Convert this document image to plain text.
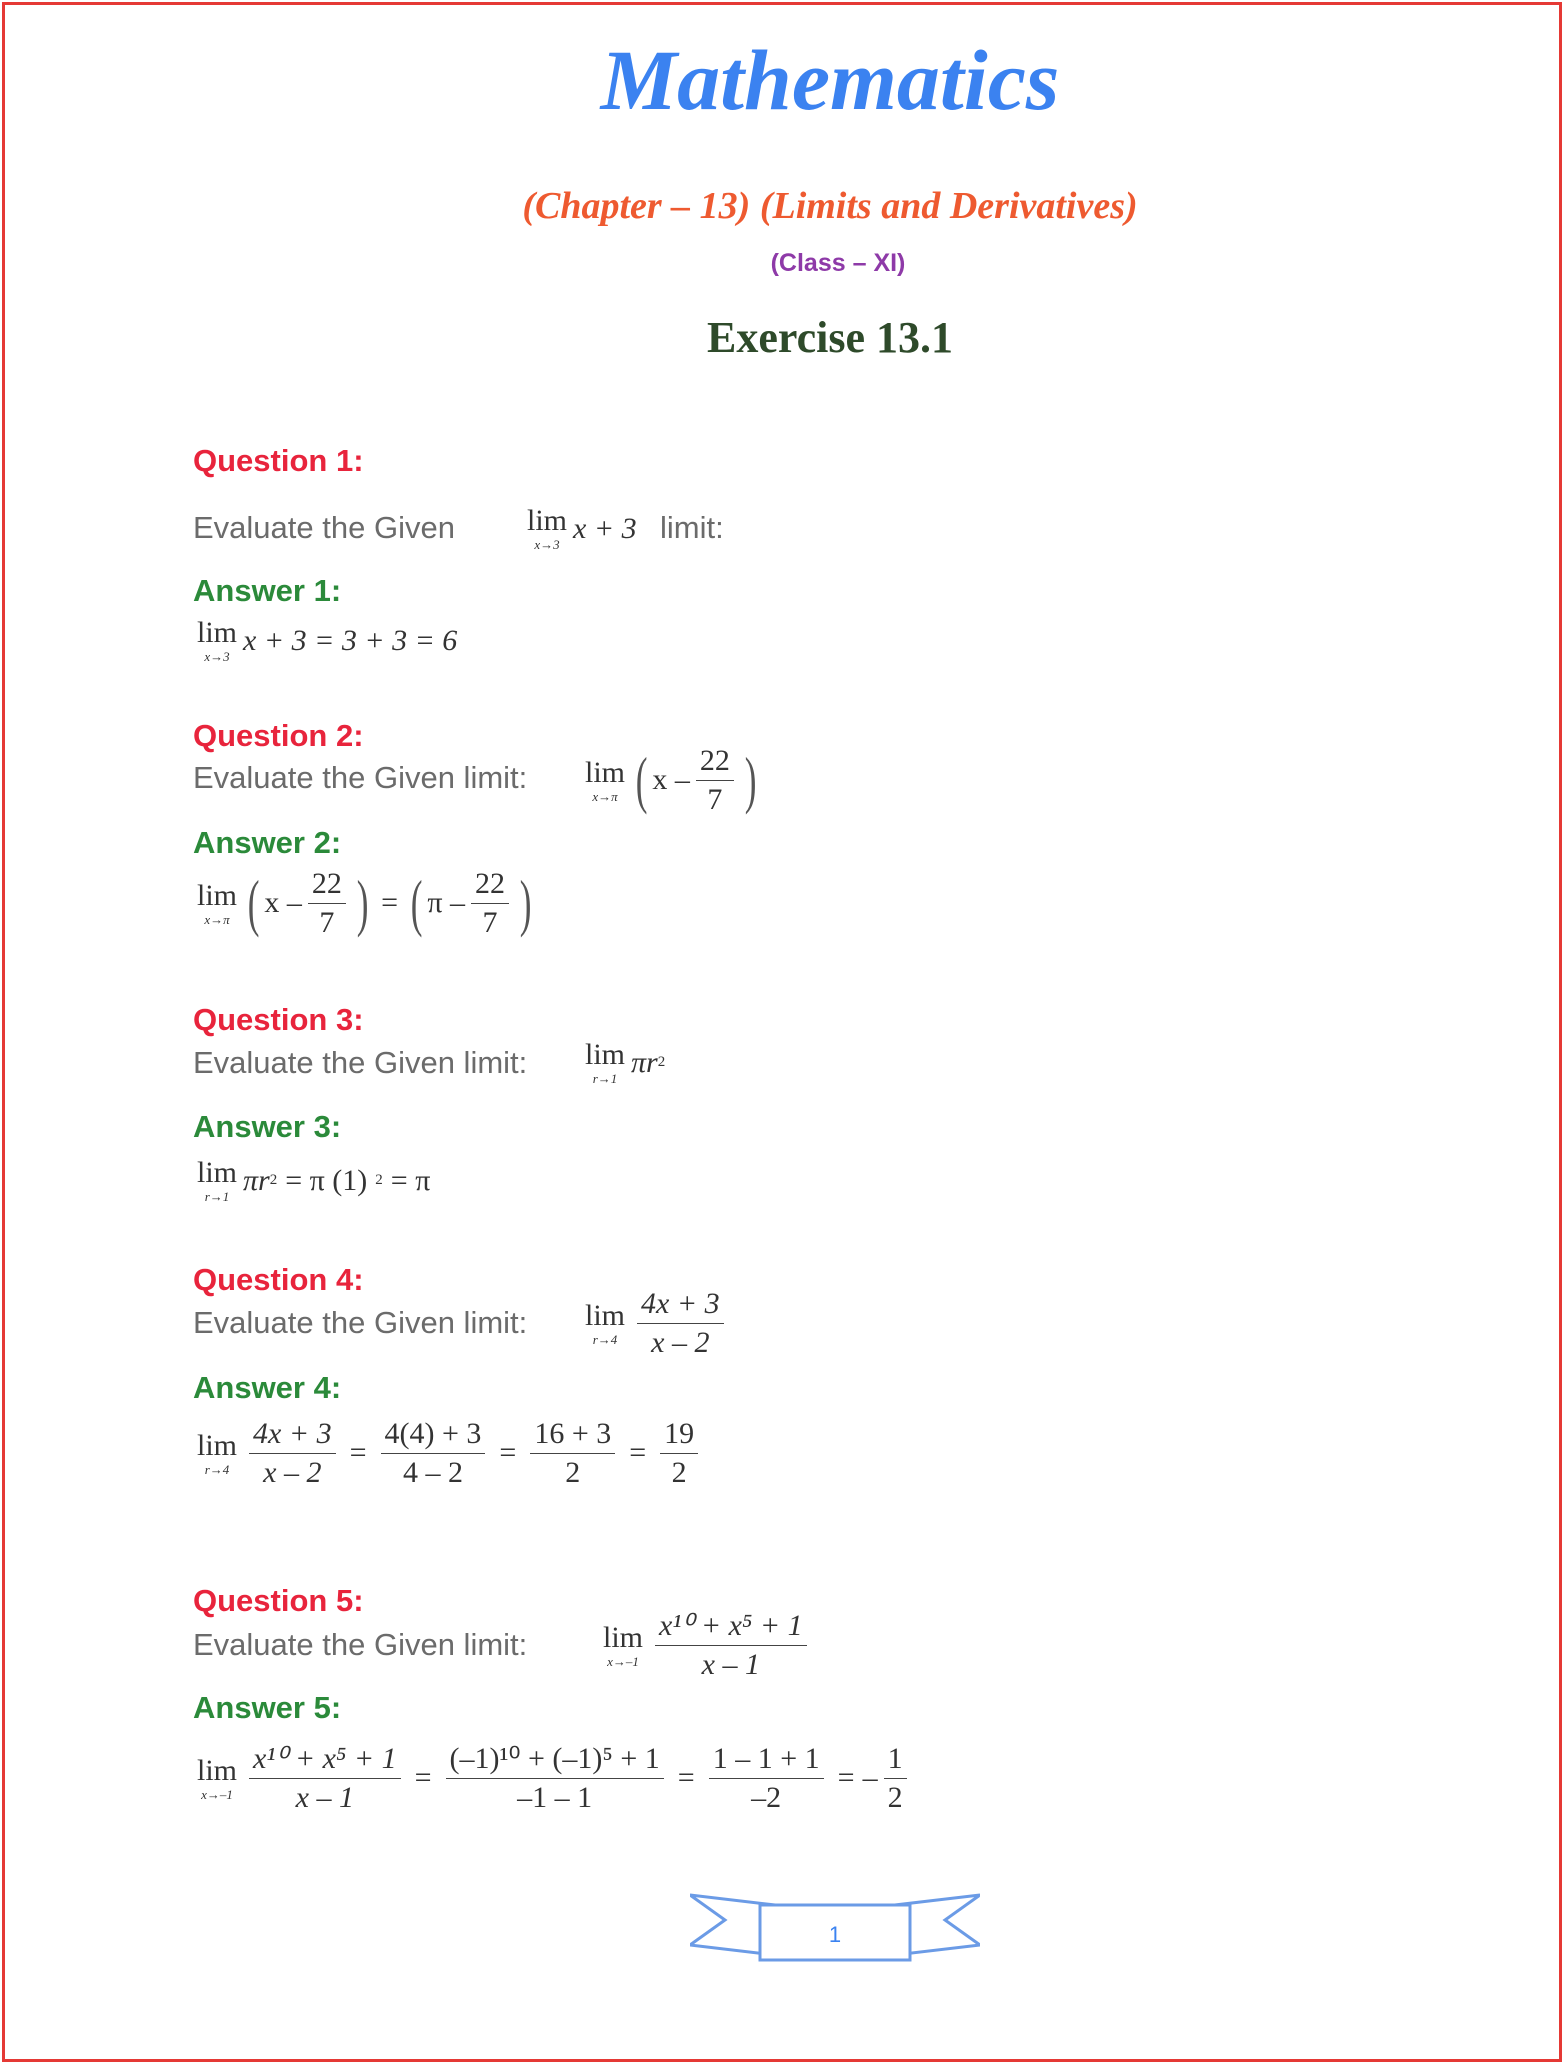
Mathematics
(Chapter – 13) (Limits and Derivatives)
(Class – XI)
Exercise 13.1
Question 1:
Evaluate the Given lim
x→3 x + 3 limit:
Answer 1:
lim
x→3 x + 3 = 3 + 3 = 6
Question 2:
Evaluate the Given limit: lim
x→π ( x – $\frac{22}{7}$ )
Answer 2:
lim
x→π ( x – $\frac{22}{7}$ ) = ( π – $\frac{22}{7}$ )
Question 3:
Evaluate the Given limit: lim
r→1 πr 2
Answer 3:
lim
r→1 πr 2 = π (1) 2 = π
Question 4:
Evaluate the Given limit: lim
$r\to 4 \frac{4x + 3}{x - 2}$
Answer 4:
lim
$r\to 4 \frac{4x + 3}{x - 2} = \frac{4(4) + 3}{4 - 2} = \frac{16 + 3}{2} = \frac{19}{2}$
Question 5:
Evaluate the Given limit:	lim
$x\to-1 \frac{\text{x¹⁰ + x⁵ + 1}}{x - 1}$
Answer 5:
lim
$x\to-1 \frac{\text{x¹⁰ + x⁵ + 1}}{x - 1} = \frac{\text{(–1)¹⁰ + (–1)⁵ + 1}}{-1 - 1} = \frac{1 - 1 + 1}{-2}$ = – $\frac{1}{2}$
1
